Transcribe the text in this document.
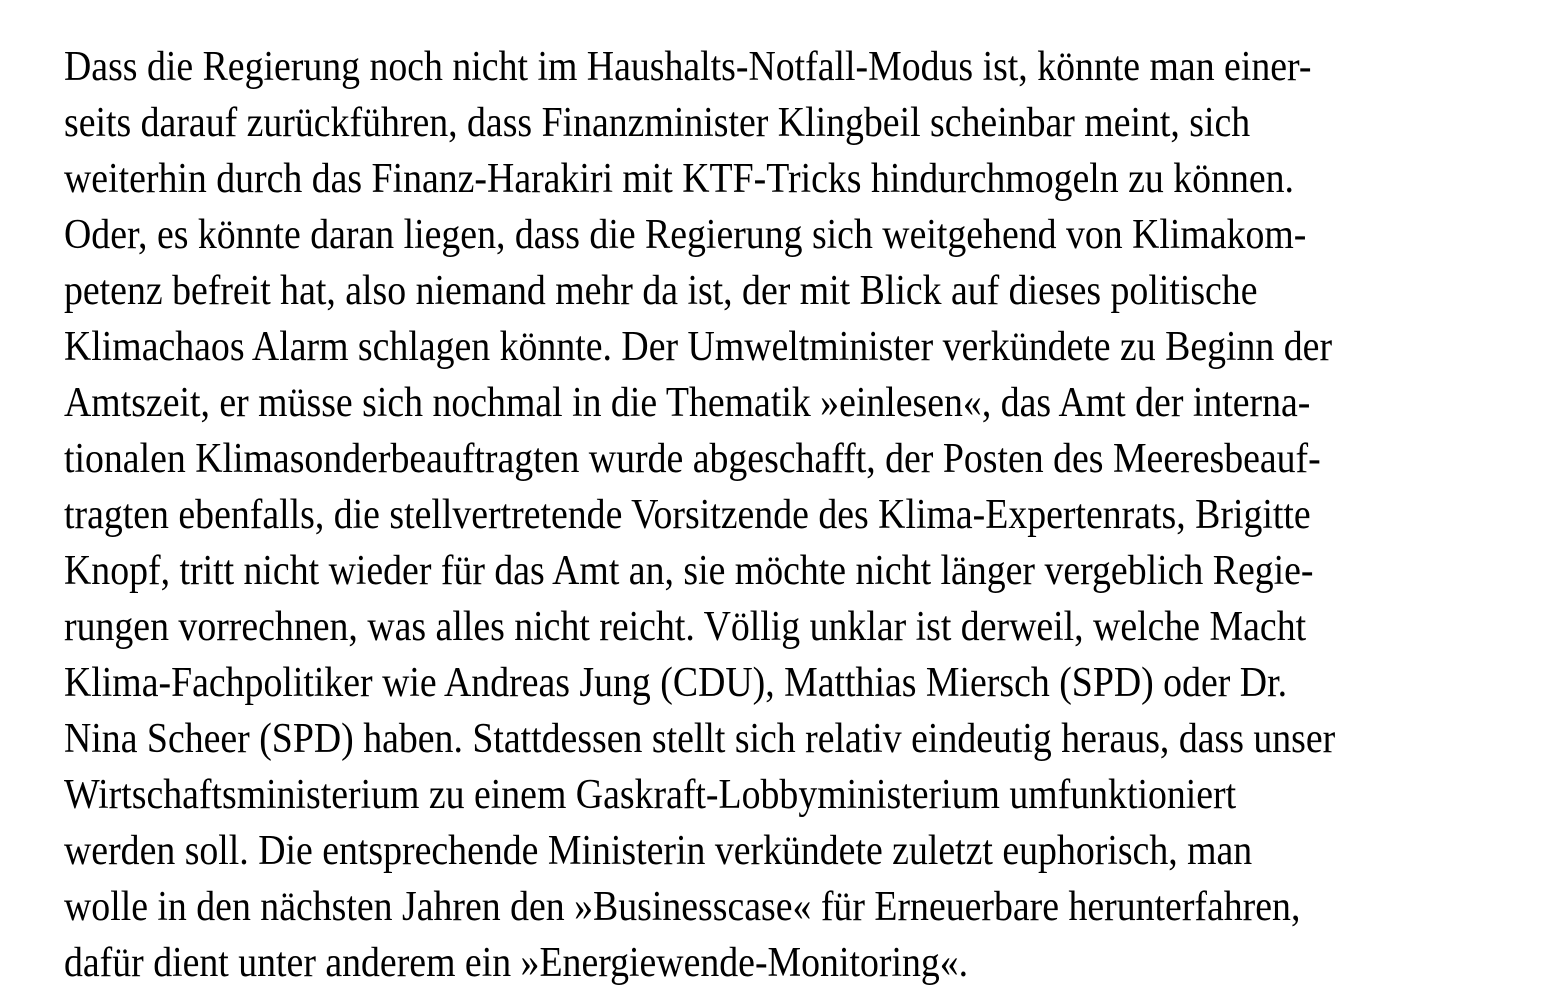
Dass die Regierung noch nicht im Haushalts-Notfall-Modus ist, könnte man einer-
seits darauf zurückführen, dass Finanzminister Klingbeil scheinbar meint, sich
weiterhin durch das Finanz-Harakiri mit KTF-Tricks hindurchmogeln zu können.
Oder, es könnte daran liegen, dass die Regierung sich weitgehend von Klimakom-
petenz befreit hat, also niemand mehr da ist, der mit Blick auf dieses politische
Klimachaos Alarm schlagen könnte. Der Umweltminister verkündete zu Beginn der
Amtszeit, er müsse sich nochmal in die Thematik »einlesen«, das Amt der interna-
tionalen Klimasonderbeauftragten wurde abgeschafft, der Posten des Meeresbeauf-
tragten ebenfalls, die stellvertretende Vorsitzende des Klima-Expertenrats, Brigitte
Knopf, tritt nicht wieder für das Amt an, sie möchte nicht länger vergeblich Regie-
rungen vorrechnen, was alles nicht reicht. Völlig unklar ist derweil, welche Macht
Klima-Fachpolitiker wie Andreas Jung (CDU), Matthias Miersch (SPD) oder Dr.
Nina Scheer (SPD) haben. Stattdessen stellt sich relativ eindeutig heraus, dass unser
Wirtschaftsministerium zu einem Gaskraft-Lobbyministerium umfunktioniert
werden soll. Die entsprechende Ministerin verkündete zuletzt euphorisch, man
wolle in den nächsten Jahren den »Businesscase« für Erneuerbare herunterfahren,
dafür dient unter anderem ein »Energiewende-Monitoring«.
